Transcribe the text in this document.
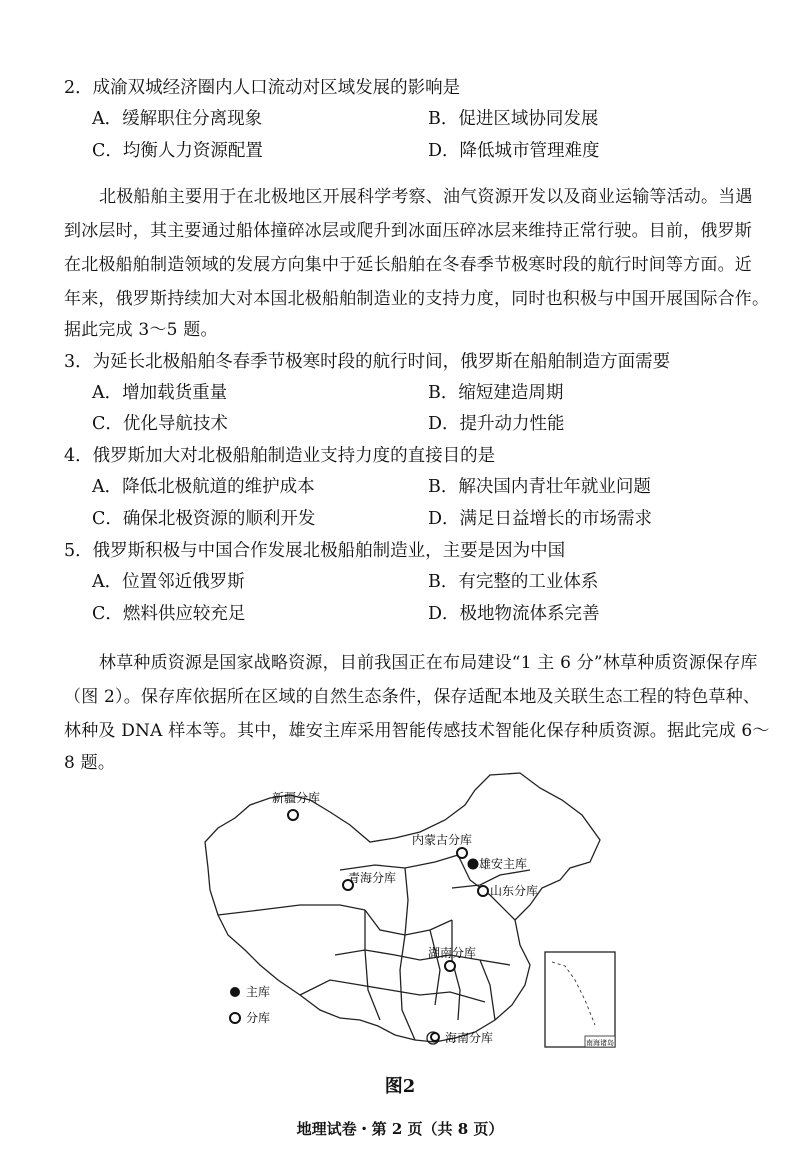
2．成渝双城经济圈内人口流动对区域发展的影响是
A．缓解职住分离现象	B．促进区域协同发展
C．均衡人力资源配置	D．降低城市管理难度
北极船舶主要用于在北极地区开展科学考察、油气资源开发以及商业运输等活动。当遇
到冰层时，其主要通过船体撞碎冰层或爬升到冰面压碎冰层来维持正常行驶。目前，俄罗斯
在北极船舶制造领域的发展方向集中于延长船舶在冬春季节极寒时段的航行时间等方面。近
年来，俄罗斯持续加大对本国北极船舶制造业的支持力度，同时也积极与中国开展国际合作。
据此完成 3～5 题。
3．为延长北极船舶冬春季节极寒时段的航行时间，俄罗斯在船舶制造方面需要
A．增加载货重量	B．缩短建造周期
C．优化导航技术	D．提升动力性能
4．俄罗斯加大对北极船舶制造业支持力度的直接目的是
A．降低北极航道的维护成本	B．解决国内青壮年就业问题
C．确保北极资源的顺利开发	D．满足日益增长的市场需求
5．俄罗斯积极与中国合作发展北极船舶制造业，主要是因为中国
A．位置邻近俄罗斯	B．有完整的工业体系
C．燃料供应较充足	D．极地物流体系完善
林草种质资源是国家战略资源，目前我国正在布局建设“1 主 6 分”林草种质资源保存库
（图 2）。保存库依据所在区域的自然生态条件，保存适配本地及关联生态工程的特色草种、
林种及 DNA 样本等。其中，雄安主库采用智能传感技术智能化保存种质资源。据此完成 6～
8 题。
南海诸岛
新疆分库
内蒙古分库
雄安主库
青海分库
山东分库
湖南分库
海南分库
主库
分库
图2
地理试卷・第 2 页（共 8 页）
